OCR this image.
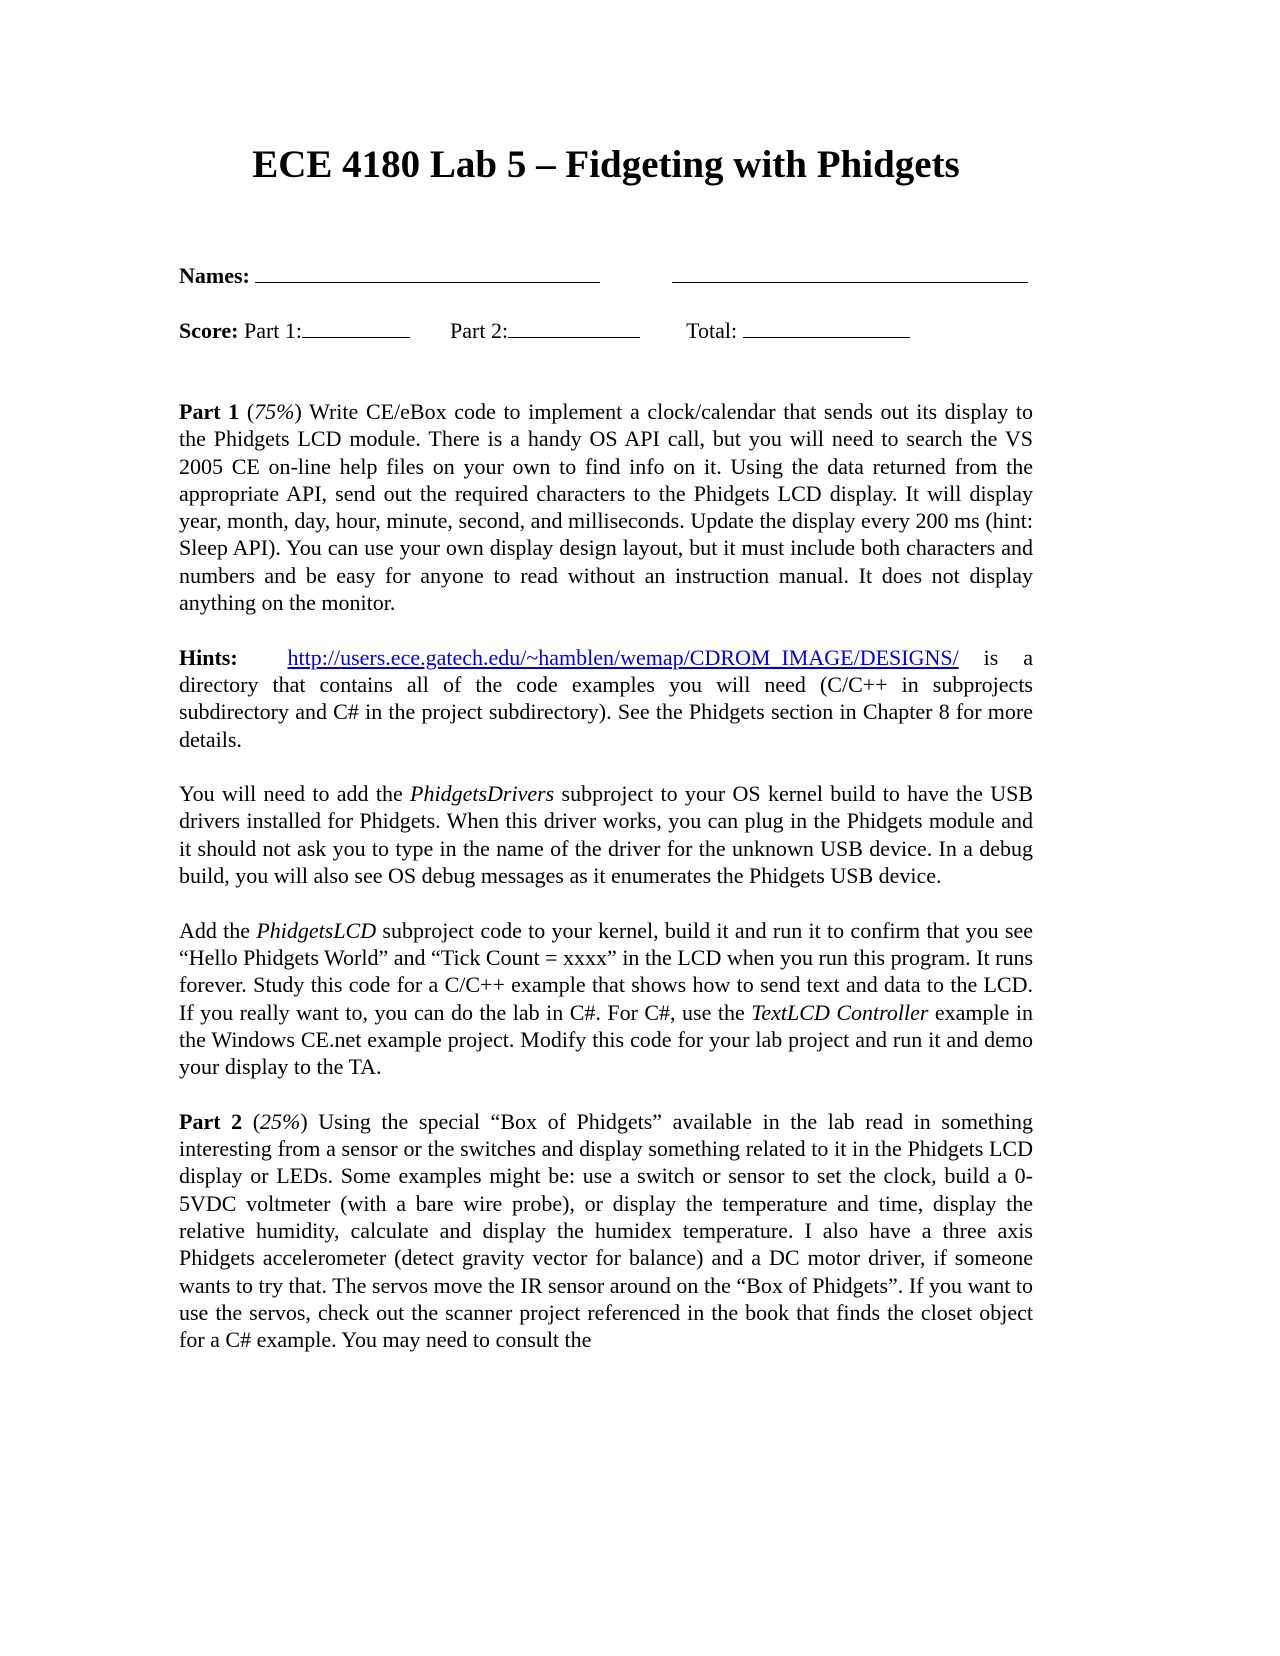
ECE 4180 Lab 5 – Fidgeting with Phidgets
Names:
Score: Part 1:	Part 2:	Total:

Part 1 (75%) Write CE/eBox code to implement a clock/calendar that sends out its display to the Phidgets LCD module. There is a handy OS API call, but you will need to search the VS 2005 CE on-line help files on your own to find info on it. Using the data returned from the appropriate API, send out the required characters to the Phidgets LCD display. It will display year, month, day, hour, minute, second, and milliseconds. Update the display every 200 ms (hint: Sleep API). You can use your own display design layout, but it must include both characters and numbers and be easy for anyone to read without an instruction manual. It does not display anything on the monitor.

Hints: http://users.ece.gatech.edu/~hamblen/wemap/CDROM_IMAGE/DESIGNS/ is a directory that contains all of the code examples you will need (C/C++ in subprojects subdirectory and C# in the project subdirectory). See the Phidgets section in Chapter 8 for more details.

You will need to add the PhidgetsDrivers subproject to your OS kernel build to have the USB drivers installed for Phidgets. When this driver works, you can plug in the Phidgets module and it should not ask you to type in the name of the driver for the unknown USB device. In a debug build, you will also see OS debug messages as it enumerates the Phidgets USB device.

Add the PhidgetsLCD subproject code to your kernel, build it and run it to confirm that you see “Hello Phidgets World” and “Tick Count = xxxx” in the LCD when you run this program. It runs forever. Study this code for a C/C++ example that shows how to send text and data to the LCD. If you really want to, you can do the lab in C#. For C#, use the TextLCD Controller example in the Windows CE.net example project. Modify this code for your lab project and run it and demo your display to the TA.

Part 2 (25%) Using the special “Box of Phidgets” available in the lab read in something interesting from a sensor or the switches and display something related to it in the Phidgets LCD display or LEDs. Some examples might be: use a switch or sensor to set the clock, build a 0-5VDC voltmeter (with a bare wire probe), or display the temperature and time, display the relative humidity, calculate and display the humidex temperature. I also have a three axis Phidgets accelerometer (detect gravity vector for balance) and a DC motor driver, if someone wants to try that. The servos move the IR sensor around on the “Box of Phidgets”. If you want to use the servos, check out the scanner project referenced in the book that finds the closet object for a C# example. You may need to consult the
